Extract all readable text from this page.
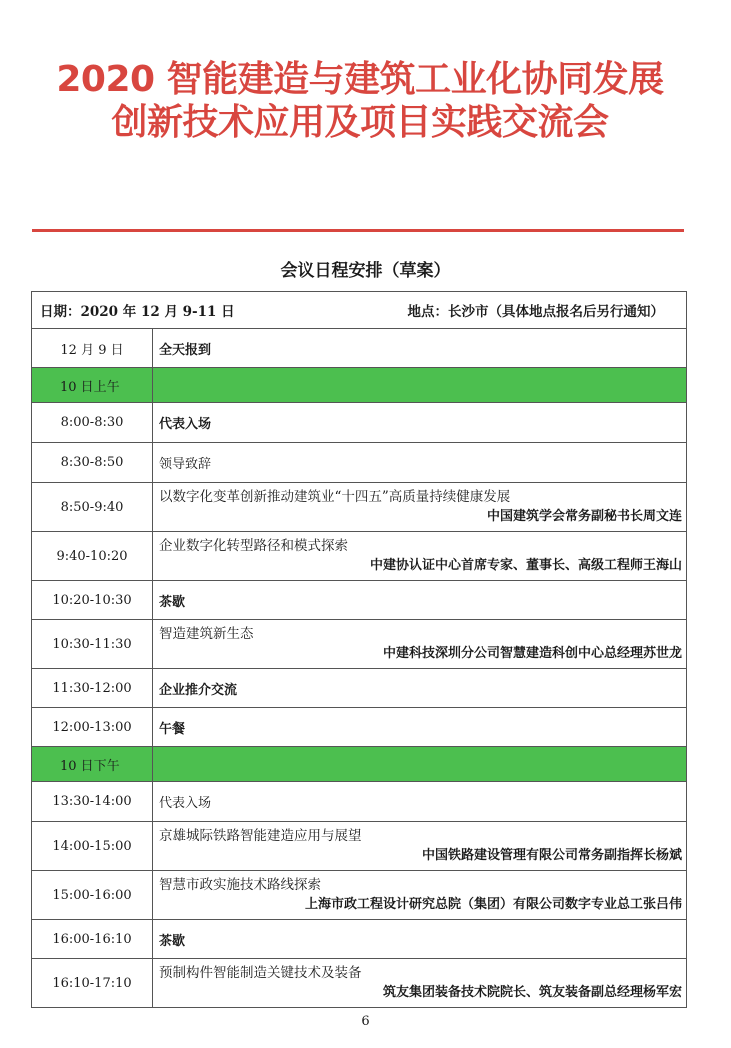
2020 智能建造与建筑工业化协同发展创新技术应用及项目实践交流会
会议日程安排（草案）
日期：2020 年 12 月 9-11 日 地点：长沙市（具体地点报名后另行通知）	

12 月 9 日	全天报到
10 日上午	
8:00-8:30	代表入场
8:30-8:50	领导致辞
8:50-9:40	以数字化变革创新推动建筑业“十四五”高质量持续健康发展
中国建筑学会常务副秘书长周文连

9:40-10:20	企业数字化转型路径和模式探索
中建协认证中心首席专家、董事长、高级工程师王海山

10:20-10:30	茶歇
10:30-11:30	智造建筑新生态
中建科技深圳分公司智慧建造科创中心总经理苏世龙

11:30-12:00	企业推介交流
12:00-13:00	午餐
10 日下午	
13:30-14:00	代表入场
14:00-15:00	京雄城际铁路智能建造应用与展望
中国铁路建设管理有限公司常务副指挥长杨斌

15:00-16:00	智慧市政实施技术路线探索
上海市政工程设计研究总院（集团）有限公司数字专业总工张吕伟

16:00-16:10	茶歇
16:10-17:10	预制构件智能制造关键技术及装备
筑友集团装备技术院院长、筑友装备副总经理杨军宏

6
